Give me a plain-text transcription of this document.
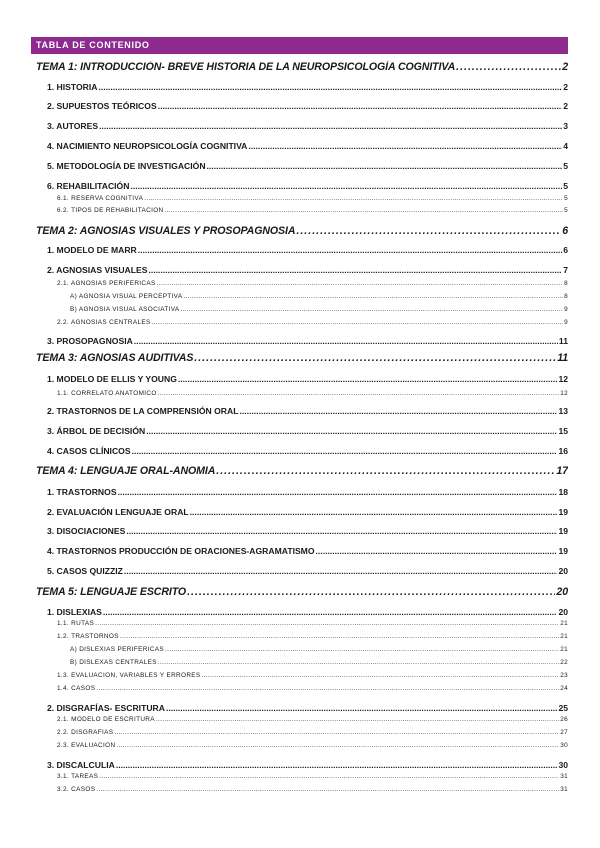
TABLA DE CONTENIDO
TEMA 1: INTRODUCCIÓN- BREVE HISTORIA DE LA NEUROPSICOLOGÍA COGNITIVA .....	2
1. HISTORIA .....	2
2. SUPUESTOS TEÓRICOS .....	2
3. AUTORES .....	3
4. NACIMIENTO NEUROPSICOLOGÍA COGNITIVA .....	4
5. METODOLOGÍA DE INVESTIGACIÓN .....	5
6. REHABILITACIÓN .....	5
6.1. RESERVA COGNITIVA .....	5
6.2. TIPOS DE REHABILITACIÓN .....	5
TEMA 2: AGNOSIAS VISUALES Y PROSOPAGNOSIA .....	6
1. MODELO DE MARR .....	6
2. AGNOSIAS VISUALES .....	7
2.1. AGNOSIAS PERIFÉRICAS .....	8
A) AGNOSIA VISUAL PERCEPTIVA .....	8
B) AGNOSIA VISUAL ASOCIATIVA .....	9
2.2. AGNOSIAS CENTRALES .....	9
3. PROSOPAGNOSIA .....	11
TEMA 3: AGNOSIAS AUDITIVAS .....	11
1. MODELO DE ELLIS Y YOUNG .....	12
1.1. CORRELATO ANATÓMICO .....	12
2. TRASTORNOS DE LA COMPRENSIÓN ORAL .....	13
3. ÁRBOL DE DECISIÓN .....	15
4. CASOS CLÍNICOS .....	16
TEMA 4: LENGUAJE ORAL-ANOMIA .....	17
1. TRASTORNOS .....	18
2. EVALUACIÓN LENGUAJE ORAL .....	19
3. DISOCIACIONES .....	19
4. TRASTORNOS PRODUCCIÓN DE ORACIONES-AGRAMATISMO .....	19
5. CASOS QUIZZIZ .....	20
TEMA 5: LENGUAJE ESCRITO .....	20
1. DISLEXIAS .....	20
1.1. RUTAS .....	21
1.2. TRASTORNOS .....	21
A) DISLEXIAS PERIFÉRICAS .....	21
B) DISLEXAS CENTRALES .....	22
1.3. EVALUACIÓN, VARIABLES Y ERRORES .....	23
1.4. CASOS .....	24
2. DISGRAFÍAS- ESCRITURA .....	25
2.1. MODELO DE ESCRITURA .....	26
2.2. DISGRAFÍAS .....	27
2.3. EVALUACIÓN .....	30
3. DISCALCULIA .....	30
3.1. TAREAS .....	31
3.2. CASOS .....	31
